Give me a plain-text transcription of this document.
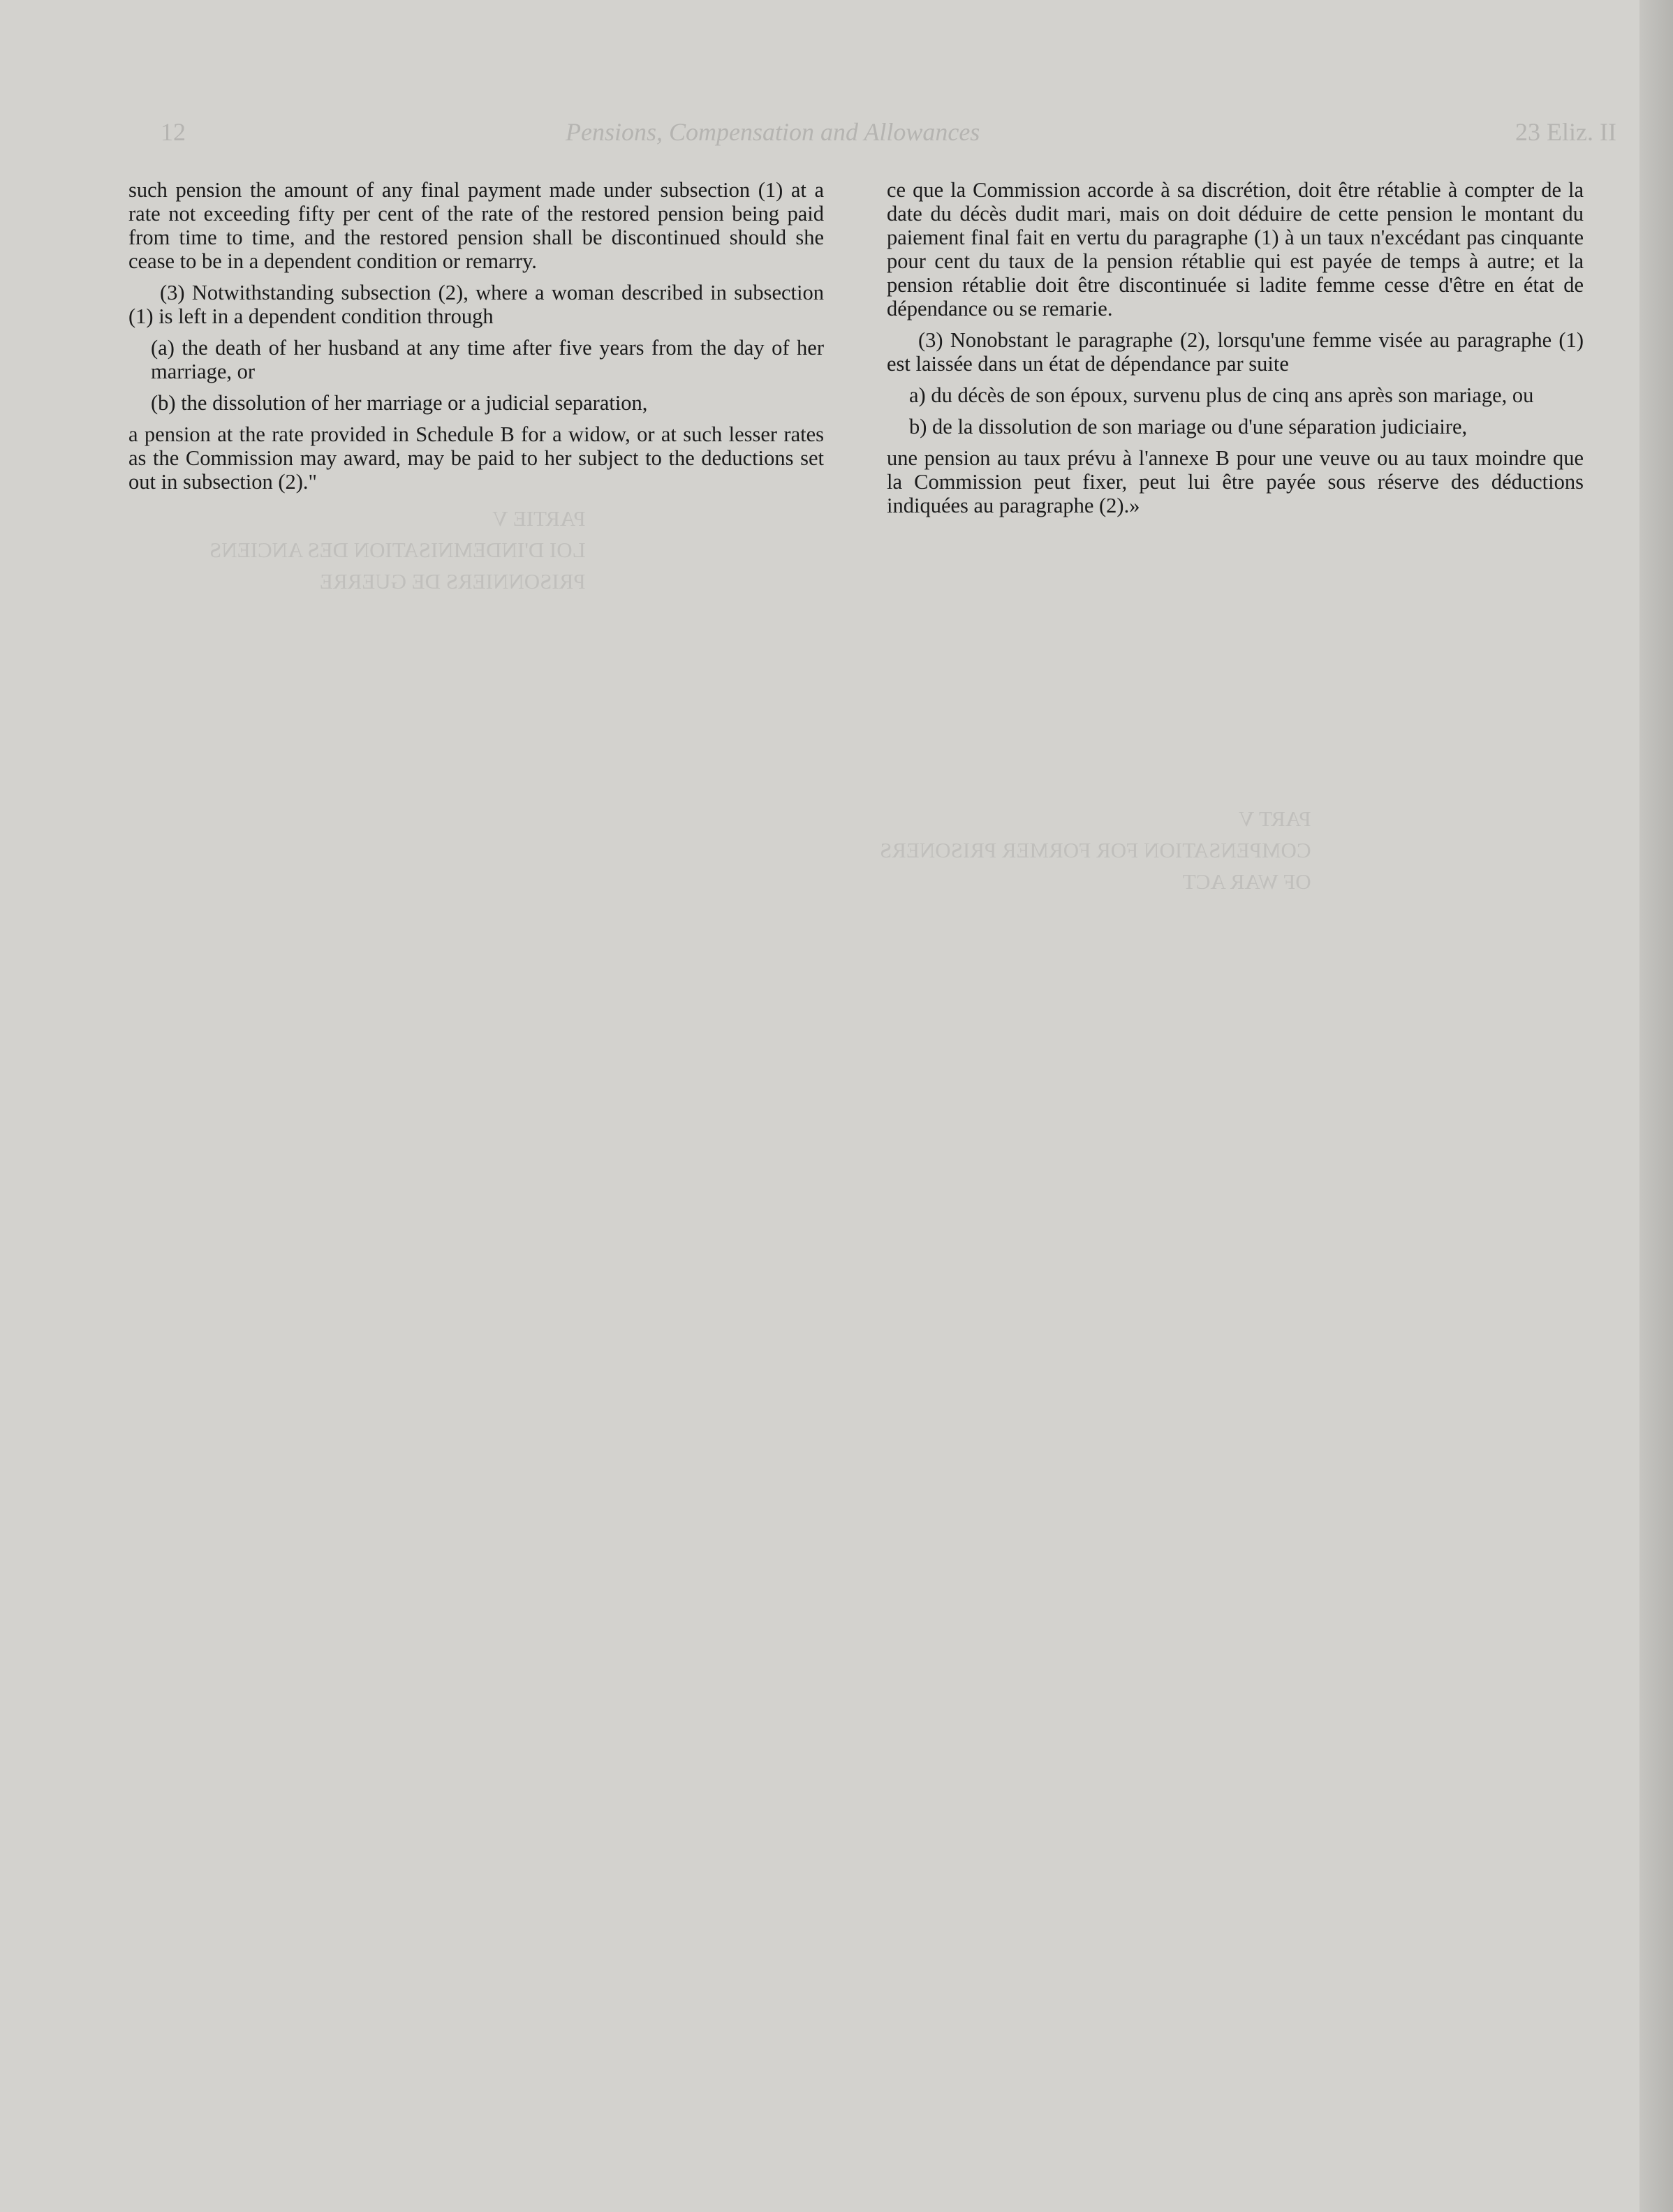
12	Pensions, Compensation and Allowances	23 Eliz. II
PARTIE V
LOI D'INDEMNISATION DES ANCIENS
PRISONNIERS DE GUERRE
PART V
COMPENSATION FOR FORMER PRISONERS
OF WAR ACT

such pension the amount of any final payment made under subsection (1) at a rate not exceeding fifty per cent of the rate of the restored pension being paid from time to time, and the restored pension shall be discontinued should she cease to be in a dependent condition or remarry.

(3) Notwithstanding subsection (2), where a woman described in subsection (1) is left in a dependent condition through

(a) the death of her husband at any time after five years from the day of her marriage, or

(b) the dissolution of her marriage or a judicial separation,

a pension at the rate provided in Schedule B for a widow, or at such lesser rates as the Commission may award, may be paid to her subject to the deductions set out in subsection (2)."

ce que la Commission accorde à sa discrétion, doit être rétablie à compter de la date du décès dudit mari, mais on doit déduire de cette pension le montant du paiement final fait en vertu du paragraphe (1) à un taux n'excédant pas cinquante pour cent du taux de la pension rétablie qui est payée de temps à autre; et la pension rétablie doit être discontinuée si ladite femme cesse d'être en état de dépendance ou se remarie.

(3) Nonobstant le paragraphe (2), lorsqu'une femme visée au paragraphe (1) est laissée dans un état de dépendance par suite

a) du décès de son époux, survenu plus de cinq ans après son mariage, ou

b) de la dissolution de son mariage ou d'une séparation judiciaire,

une pension au taux prévu à l'annexe B pour une veuve ou au taux moindre que la Commission peut fixer, peut lui être payée sous réserve des déductions indiquées au paragraphe (2).»
